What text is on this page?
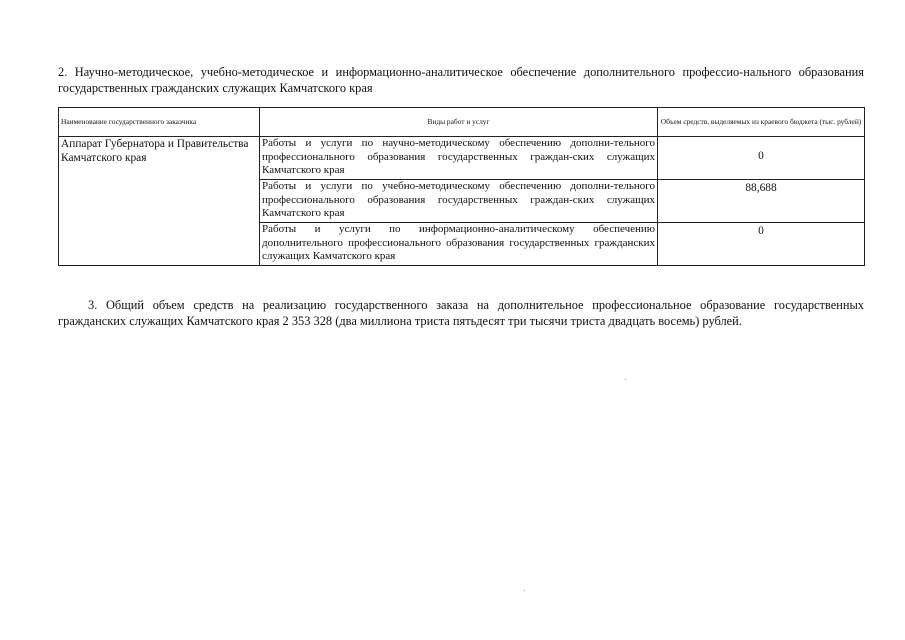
2. Научно-методическое, учебно-методическое и информационно-аналитическое обеспечение дополнительного профессио-нального образования государственных гражданских служащих Камчатского края
Наименование государственного заказчика	Виды работ и услуг	Объем средств, выделяемых из краевого бюджета (тыс. рублей)
Аппарат Губернатора и Правительства Камчатского края	Работы и услуги по научно-методическому обеспечению дополни-тельного профессионального образования государственных граждан-ских служащих Камчатского края	0
	Работы и услуги по учебно-методическому обеспечению дополни-тельного профессионального образования государственных граждан-ских служащих Камчатского края	88,688
	Работы и услуги по информационно-аналитическому обеспечению дополнительного профессионального образования государственных гражданских служащих Камчатского края	0
3. Общий объем средств на реализацию государственного заказа на дополнительное профессиональное образование государственных гражданских служащих Камчатского края 2 353 328 (два миллиона триста пятьдесят три тысячи триста двадцать восемь) рублей.
